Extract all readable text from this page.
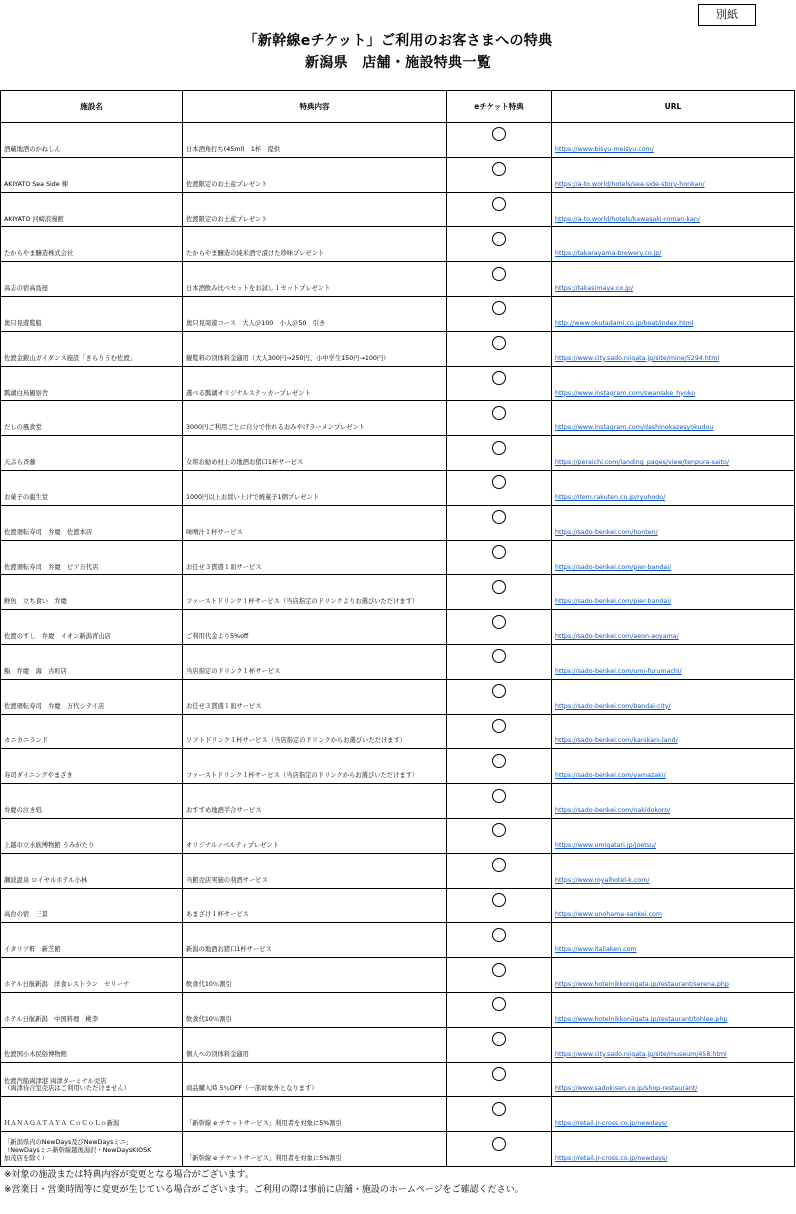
別紙
「新幹線eチケット」ご利用のお客さまへの特典
新潟県　店舗・施設特典一覧
施設名	特典内容	eチケット特典	URL
酒蔵地酒のかねしん	日本酒角打ち(45ml)　1杯　提供		https://www.bisyu-meisyu.com/
AKIYATO Sea Side 棟	佐渡限定のお土産プレゼント		https://a-to.world/hotels/sea-side-story-honkan/
AKIYATO 河崎浪漫館	佐渡限定のお土産プレゼント		https://a-to.world/hotels/kawasaki-roman-kan/
たからやま醸造株式会社	たからやま醸造の純米酒で漬けた珍味プレゼント		https://takarayama-brewery.co.jp/
高志の宿高島屋	日本酒飲み比べセットをお試し１セットプレゼント		https://takasimaya.co.jp/
奥只見遊覧船	奥只見周遊コース　大人＠100　小人＠50　引き		http://www.okutadami.co.jp/boat/index.html
佐渡金銀山ガイダンス施設「きらりうむ佐渡」	観覧料の団体料金適用（大人300円→250円、小中学生150円→100円）		https://www.city.sado.niigata.jp/site/mine/5294.html
瓢湖白鳥観察舎	選べる瓢湖オリジナルステッカープレゼント		https://www.instagram.com/swanlake_hyoko
だしの風食堂	3000円ご利用ごとに自分で作れるおみやげラーメンプレゼント		https://www.instagram.com/dashinokazesyokudou
天ぷら斉藤	女将お勧め村上の地酒お猪口1杯サービス		https://peraichi.com/landing_pages/view/tenpura-saito/
お菓子の龍生堂	1000円以上お買い上げで焼菓子1個プレゼント		https://item.rakuten.co.jp/ryuhodo/
佐渡廻転寿司　弁慶　佐渡本店	味噌汁１杯サービス		https://sado-benkei.com/honten/
佐渡廻転寿司　弁慶　ピア万代店	お任せ３貫盛１皿サービス		https://sado-benkei.com/pier-bandai/
鮮魚　立ち食い　弁慶	ファーストドリンク１杯サービス（当店指定のドリンクよりお選びいただけます）		https://sado-benkei.com/pier-bandai/
佐渡のすし　弁慶　イオン新潟青山店	ご利用代金より5%off		https://sado-benkei.com/aeon-aoyama/
鮨　弁慶　海　古町店	当店指定のドリンク１杯サービス		https://sado-benkei.com/umi-furumachi/
佐渡廻転寿司　弁慶　万代シテイ店	お任せ３貫盛１皿サービス		https://sado-benkei.com/bandai-city/
カニカニランド	ソフトドリンク１杯サービス（当店指定のドリンクからお選びいただけます）		https://sado-benkei.com/kanikani-land/
寿司ダイニングやまざき	ファーストドリンク１杯サービス（当店指定のドリンクからお選びいただけます）		https://sado-benkei.com/yamazaki/
弁慶の泣き処	おすすめ地酒半合サービス		https://sado-benkei.com/nakidokoro/
上越市立水族博物館 うみがたり	オリジナルノベルティプレゼント		https://www.umigatari.jp/joetsu/
瀬波温泉 ロイヤルホテル小林	当館売店実施の利酒サービス		https://www.royalhotel-k.com/
高台の宿　三景	あまざけ１杯サービス		https://www.unohama-sankei.com
イタリア軒　新芝館	新潟の地酒お猪口1杯サービス		https://www.italiaken.com
ホテル日航新潟　洋食レストラン　セリーナ	飲食代10％割引		https://www.hotelnikkoniigata.jp/restaurant/serena.php
ホテル日航新潟　中国料理　桃李	飲食代10％割引		https://www.hotelnikkoniigata.jp/restaurant/tohlee.php
佐渡国小木民俗博物館	個人への団体料金適用		https://www.city.sado.niigata.jp/site/museum/458.html
佐渡汽船両津港 両津ターミナル売店
（両津待合室売店はご利用いただけません）	商品購入時 5％OFF（一部対象外となります）		https://www.sadokisen.co.jp/shop-restaurant/
ＨＡＮＡＧＡＴＡＹＡ ＣｏＣｏＬｏ新潟	「新幹線 e チケットサービス」利用者を対象に5%割引		https://retail.jr-cross.co.jp/newdays/
「新潟県内のNewDays及びNewDaysミニ」
（NewDaysミニ新幹線越後湯沢・NewDaysKIOSK
加茂店を除く）	「新幹線 e チケットサービス」利用者を対象に5%割引		https://retail.jr-cross.co.jp/newdays/
※対象の施設または特典内容が変更となる場合がございます。
※営業日・営業時間等に変更が生じている場合がございます。ご利用の際は事前に店舗・施設のホームページをご確認ください。
